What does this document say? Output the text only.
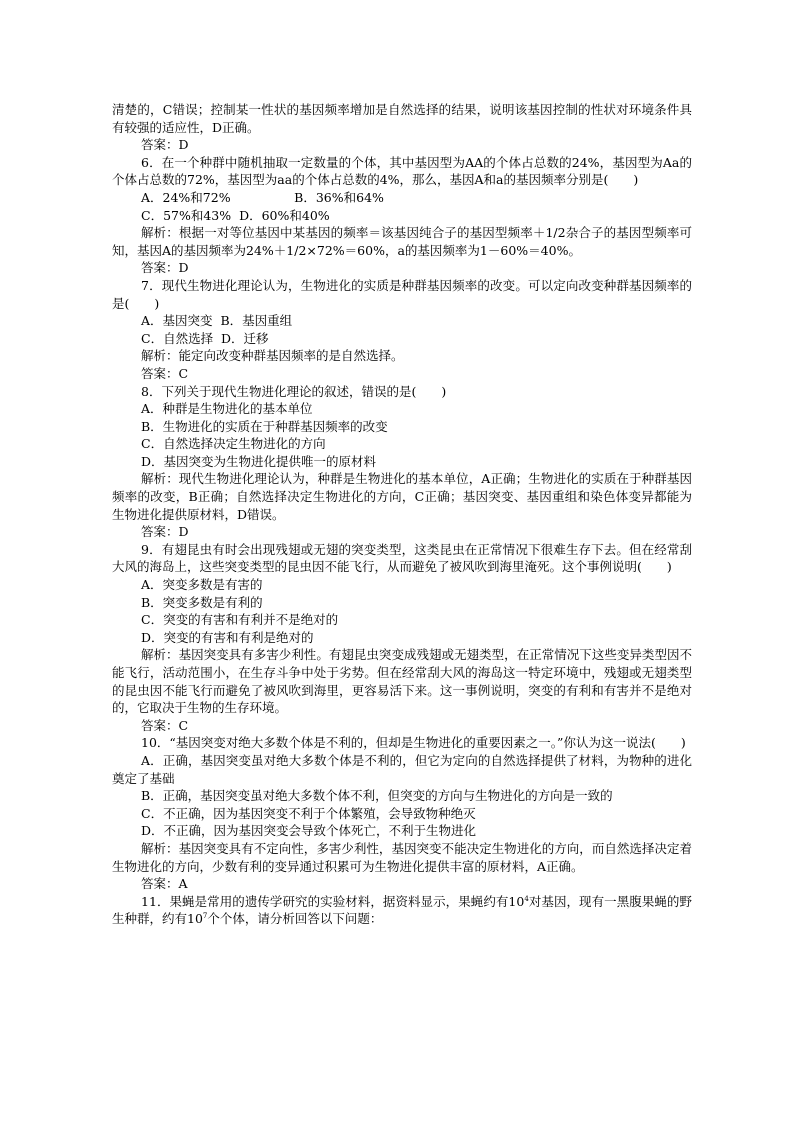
清楚的，C错误；控制某一性状的基因频率增加是自然选择的结果，说明该基因控制的性状对环境条件具有较强的适应性，D正确。

答案：D

6．在一个种群中随机抽取一定数量的个体，其中基因型为AA的个体占总数的24%，基因型为Aa的个体占总数的72%，基因型为aa的个体占总数的4%，那么，基因A和a的基因频率分别是(　　)

A．24%和72%                B．36%和64%

C．57%和43%  D．60%和40%

解析：根据一对等位基因中某基因的频率＝该基因纯合子的基因型频率＋1/2杂合子的基因型频率可知，基因A的基因频率为24%＋1/2×72%＝60%，a的基因频率为1－60%＝40%。

答案：D

7．现代生物进化理论认为，生物进化的实质是种群基因频率的改变。可以定向改变种群基因频率的是(　　)

A．基因突变  B．基因重组

C．自然选择  D．迁移

解析：能定向改变种群基因频率的是自然选择。

答案：C

8．下列关于现代生物进化理论的叙述，错误的是(　　)

A．种群是生物进化的基本单位

B．生物进化的实质在于种群基因频率的改变

C．自然选择决定生物进化的方向

D．基因突变为生物进化提供唯一的原材料

解析：现代生物进化理论认为，种群是生物进化的基本单位，A正确；生物进化的实质在于种群基因频率的改变，B正确；自然选择决定生物进化的方向，C正确；基因突变、基因重组和染色体变异都能为生物进化提供原材料，D错误。

答案：D

9．有翅昆虫有时会出现残翅或无翅的突变类型，这类昆虫在正常情况下很难生存下去。但在经常刮大风的海岛上，这些突变类型的昆虫因不能飞行，从而避免了被风吹到海里淹死。这个事例说明(　　)

A．突变多数是有害的

B．突变多数是有利的

C．突变的有害和有利并不是绝对的

D．突变的有害和有利是绝对的

解析：基因突变具有多害少利性。有翅昆虫突变成残翅或无翅类型，在正常情况下这些变异类型因不能飞行，活动范围小，在生存斗争中处于劣势。但在经常刮大风的海岛这一特定环境中，残翅或无翅类型的昆虫因不能飞行而避免了被风吹到海里，更容易活下来。这一事例说明，突变的有利和有害并不是绝对的，它取决于生物的生存环境。

答案：C

10．“基因突变对绝大多数个体是不利的，但却是生物进化的重要因素之一。”你认为这一说法(　　)

A．正确，基因突变虽对绝大多数个体是不利的，但它为定向的自然选择提供了材料，为物种的进化奠定了基础

B．正确，基因突变虽对绝大多数个体不利，但突变的方向与生物进化的方向是一致的

C．不正确，因为基因突变不利于个体繁殖，会导致物种绝灭

D．不正确，因为基因突变会导致个体死亡，不利于生物进化

解析：基因突变具有不定向性，多害少利性，基因突变不能决定生物进化的方向，而自然选择决定着生物进化的方向，少数有利的变异通过积累可为生物进化提供丰富的原材料，A正确。

答案：A

11．果蝇是常用的遗传学研究的实验材料，据资料显示，果蝇约有$10^4$对基因，现有一黑腹果蝇的野生种群，约有$10^7$个个体，请分析回答以下问题：
